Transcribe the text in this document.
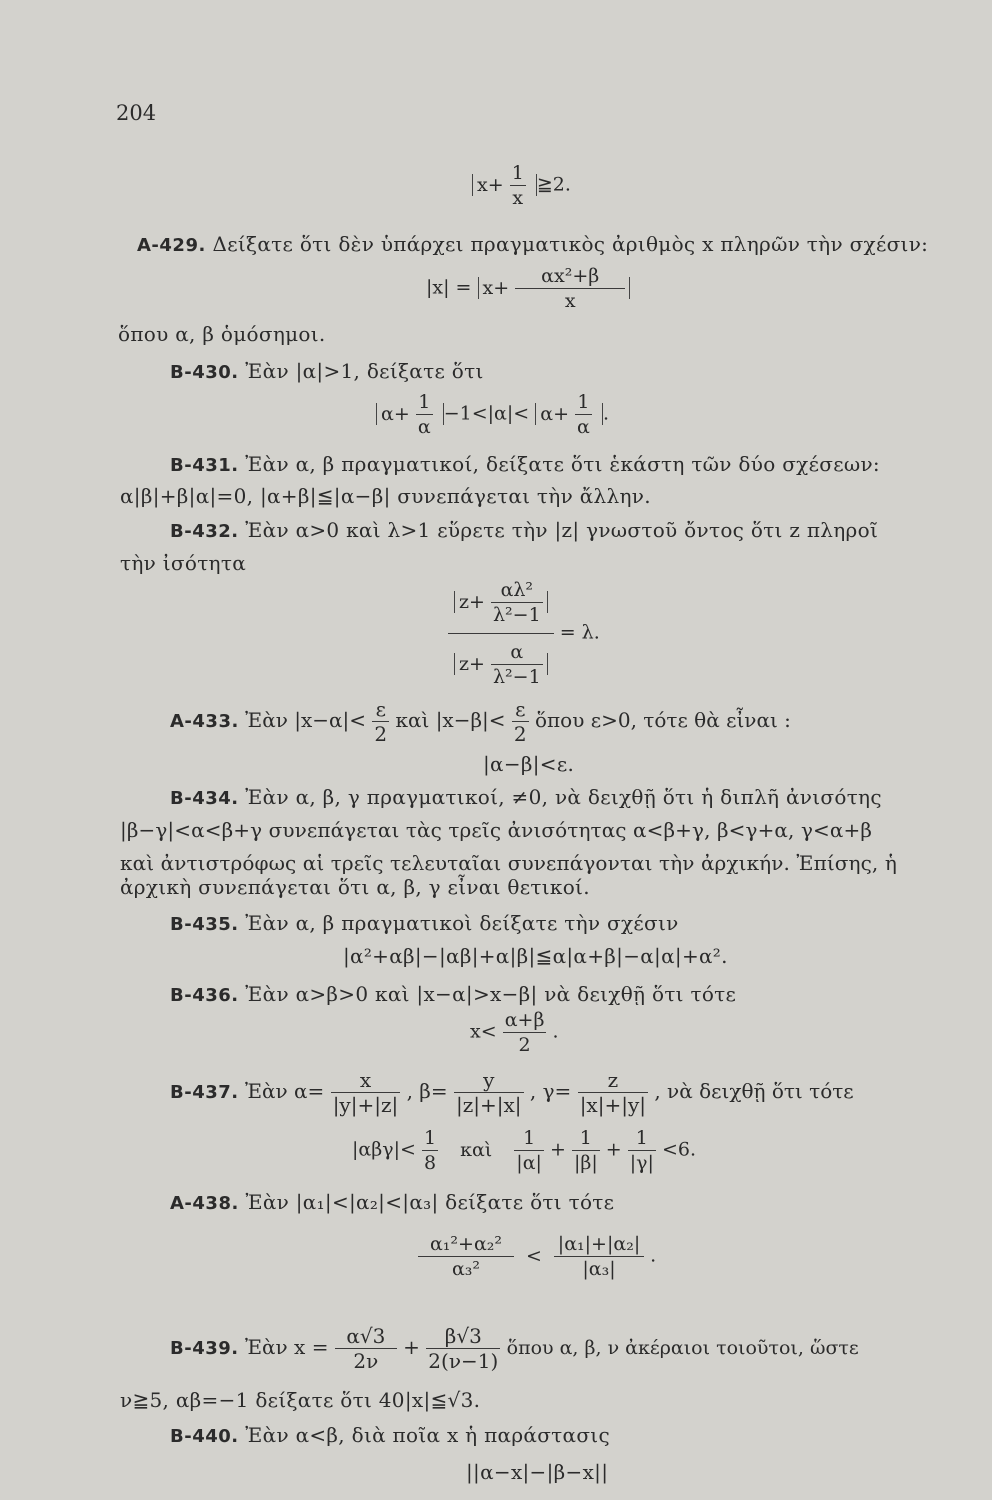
204
$x+ \frac{1}{x}$ ≧2.
A-429. Δείξατε ὅτι δὲν ὑπάρχει πραγματικὸς ἀριθμὸς x πληρῶν τὴν σχέσιν:
$|x| = x+ \frac{\text{αx²+β}}{x}$
ὅπου α, β ὁμόσημοι.
B-430. Ἐὰν |α|>1, δείξατε ὅτι
$\alpha+ \frac{1}{\alpha} -1<|\alpha|< \alpha+ \frac{1}{\alpha}$ .
B-431. Ἐὰν α, β πραγματικοί, δείξατε ὅτι ἑκάστη τῶν δύο σχέσεων:
α|β|+β|α|=0, |α+β|≦|α−β| συνεπάγεται τὴν ἄλλην.
B-432. Ἐὰν α>0 καὶ λ>1 εὕρετε τὴν |z| γνωστοῦ ὄντος ὅτι z πληροῖ
τὴν ἰσότητα
$\frac{z+ \frac{\text{αλ²}}{\text{λ²−1}}}{z+ \frac{\alpha}{\text{λ²−1}}} = \lambda$.
A-433. Ἐὰν $|x-\alpha|< \frac{\varepsilon}{2}$ καὶ $|x-\beta|< \frac{\varepsilon}{2}$ ὅπου ε>0, τότε θὰ εἶναι :
|α−β|<ε.
B-434. Ἐὰν α, β, γ πραγματικοί, ≠0, νὰ δειχθῇ ὅτι ἡ διπλῆ ἀνισότης
|β−γ|<α<β+γ συνεπάγεται τὰς τρεῖς ἀνισότητας α<β+γ, β<γ+α, γ<α+β
καὶ ἀντιστρόφως αἱ τρεῖς τελευταῖαι συνεπάγονται τὴν ἀρχικήν. Ἐπίσης, ἡ
ἀρχικὴ συνεπάγεται ὅτι α, β, γ εἶναι θετικοί.
B-435. Ἐὰν α, β πραγματικοὶ δείξατε τὴν σχέσιν
|α²+αβ|−|αβ|+α|β|≦α|α+β|−α|α|+α².
B-436. Ἐὰν α>β>0 καὶ |x−α|>x−β| νὰ δειχθῇ ὅτι τότε
$x< \frac{\alpha+\beta}{2}$ .
B-437. Ἐὰν $\alpha= \frac{x}{|y|+|z|}$ , $\beta= \frac{y}{|z|+|x|}$ , $\gamma= \frac{z}{|x|+|y|}$ , νὰ δειχθῇ ὅτι τότε
$|\alpha\beta\gamma|< \frac{1}{8}$ καὶ $\frac{1}{|\alpha|} + \frac{1}{|\beta|} + \frac{1}{|\gamma|} <6$.
A-438. Ἐὰν |α₁|<|α₂|<|α₃| δείξατε ὅτι τότε
$\frac{\text{α₁²+α₂²}}{\text{α₃²}} < \frac{\text{|α₁|+|α₂|}}{\text{|α₃|}}$ .
B-439. Ἐὰν $x = \frac{\alpha√3}{2\nu} + \frac{\beta√3}{2(\nu-1)}$ ὅπου α, β, ν ἀκέραιοι τοιοῦτοι, ὥστε
ν≧5, αβ=−1 δείξατε ὅτι 40|x|≦√3.
B-440. Ἐὰν α<β, διὰ ποῖα x ἡ παράστασις
||α−x|−|β−x||
